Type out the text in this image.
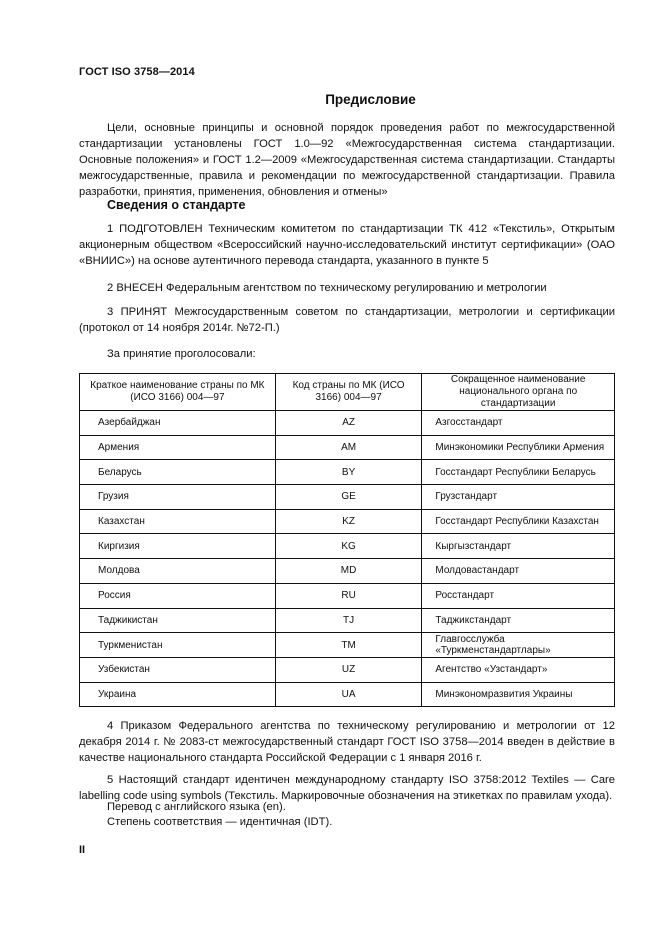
ГОСТ ISO 3758—2014
Предисловие
Цели, основные принципы и основной порядок проведения работ по межгосударственной стандартизации установлены ГОСТ 1.0—92 «Межгосударственная система стандартизации. Основные положения» и ГОСТ 1.2—2009 «Межгосударственная система стандартизации. Стандарты межгосударственные, правила и рекомендации по межгосударственной стандартизации. Правила разработки, принятия, применения, обновления и отмены»
Сведения о стандарте
1 ПОДГОТОВЛЕН Техническим комитетом по стандартизации ТК 412 «Текстиль», Открытым акционерным обществом «Всероссийский научно-исследовательский институт сертификации» (ОАО «ВНИИС») на основе аутентичного перевода стандарта, указанного в пункте 5
2 ВНЕСЕН Федеральным агентством по техническому регулированию и метрологии
3 ПРИНЯТ Межгосударственным советом по стандартизации, метрологии и сертификации (протокол от 14 ноября 2014г. №72-П.)
За принятие проголосовали:
Краткое наименование страны по МК (ИСО 3166) 004—97	Код страны по МК (ИСО 3166) 004—97	Сокращенное наименование национального органа по стандартизации
Азербайджан	AZ	Азгосстандарт
Армения	AM	Минэкономики Республики Армения
Беларусь	BY	Госстандарт Республики Беларусь
Грузия	GE	Грузстандарт
Казахстан	KZ	Госстандарт Республики Казахстан
Киргизия	KG	Кыргызстандарт
Молдова	MD	Молдовастандарт
Россия	RU	Росстандарт
Таджикистан	TJ	Таджикстандарт
Туркменистан	TM	Главгосслужба «Туркменстандартлары»
Узбекистан	UZ	Агентство «Узстандарт»
Украина	UA	Минэкономразвития Украины
4 Приказом Федерального агентства по техническому регулированию и метрологии от 12 декабря 2014 г. № 2083-ст межгосударственный стандарт ГОСТ ISO 3758—2014 введен в действие в качестве национального стандарта Российской Федерации с 1 января 2016 г.
5 Настоящий стандарт идентичен международному стандарту ISO 3758:2012 Textiles — Care labelling code using symbols (Текстиль. Маркировочные обозначения на этикетках по правилам ухода).
Перевод с английского языка (en).
Степень соответствия — идентичная (IDT).
II
